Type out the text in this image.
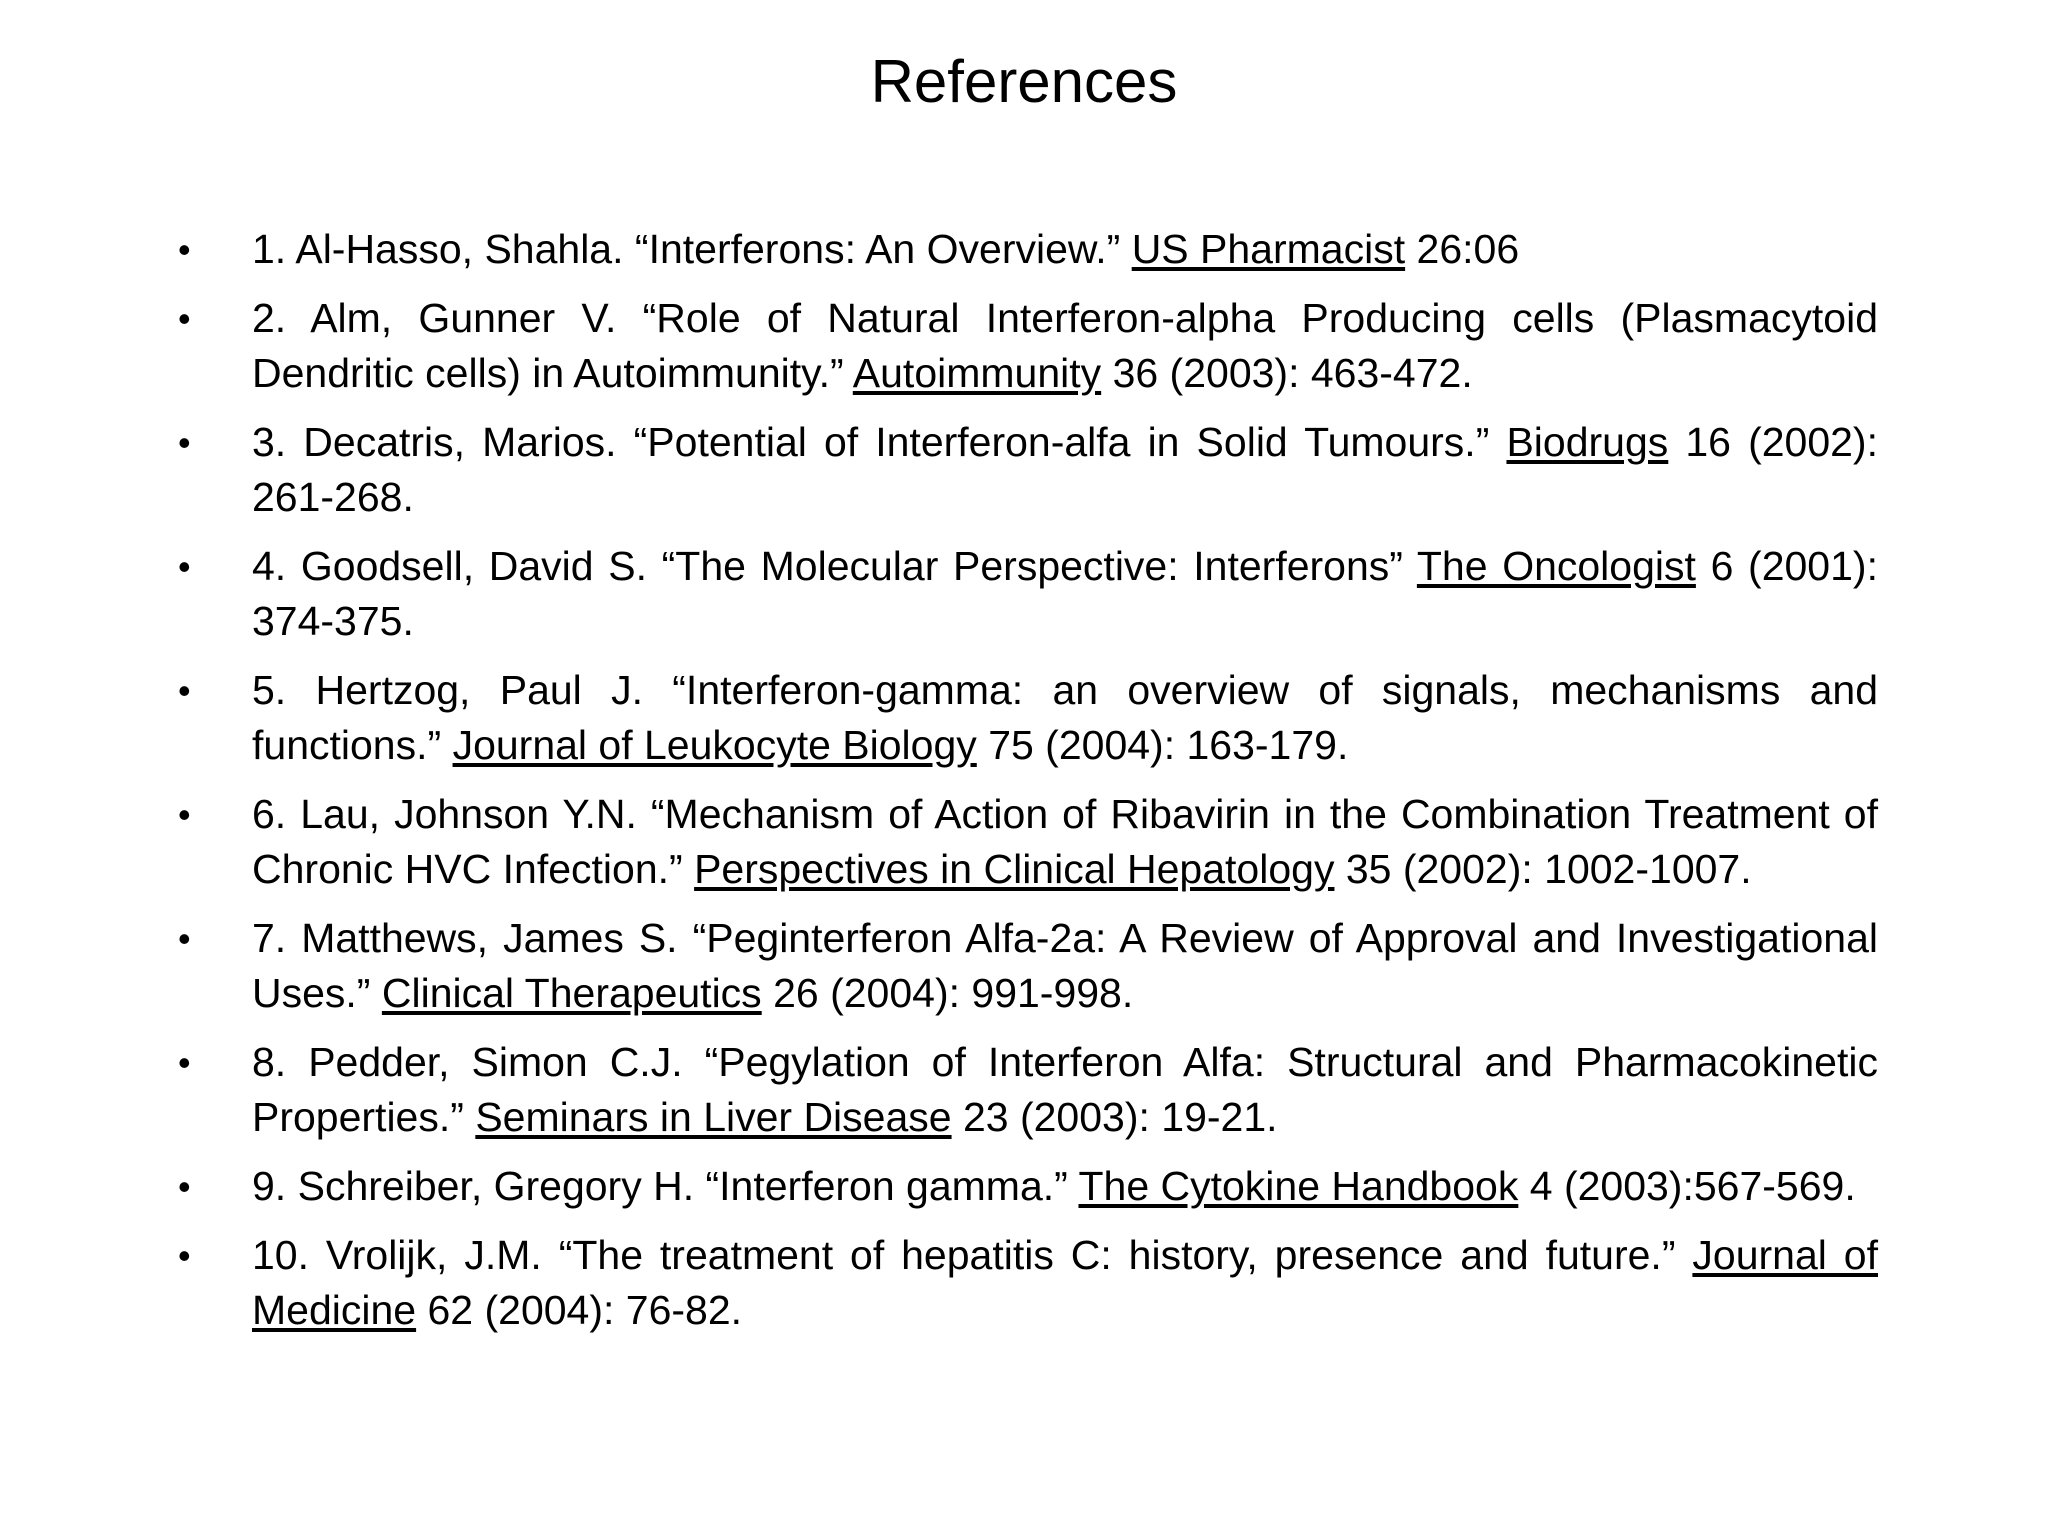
References
•	1. Al-Hasso, Shahla. “Interferons: An Overview.” US Pharmacist 26:06
•	2. Alm, Gunner V. “Role of Natural Interferon-alpha Producing cells (Plasmacytoid Dendritic cells) in Autoimmunity.” Autoimmunity 36 (2003): 463-472.
•	3. Decatris, Marios. “Potential of Interferon-alfa in Solid Tumours.” Biodrugs 16 (2002): 261-268.
•	4. Goodsell, David S. “The Molecular Perspective: Interferons” The Oncologist 6 (2001): 374-375.
•	5. Hertzog, Paul J. “Interferon-gamma: an overview of signals, mechanisms and functions.” Journal of Leukocyte Biology 75 (2004): 163-179.
•	6. Lau, Johnson Y.N. “Mechanism of Action of Ribavirin in the Combination Treatment of Chronic HVC Infection.” Perspectives in Clinical Hepatology 35 (2002): 1002-1007.
•	7. Matthews, James S. “Peginterferon Alfa-2a: A Review of Approval and Investigational Uses.” Clinical Therapeutics 26 (2004): 991-998.
•	8. Pedder, Simon C.J. “Pegylation of Interferon Alfa: Structural and Pharmacokinetic Properties.” Seminars in Liver Disease 23 (2003): 19-21.
•	9. Schreiber, Gregory H. “Interferon gamma.” The Cytokine Handbook 4 (2003):567-569.
•	10. Vrolijk, J.M. “The treatment of hepatitis C: history, presence and future.” Journal of Medicine 62 (2004): 76-82.
